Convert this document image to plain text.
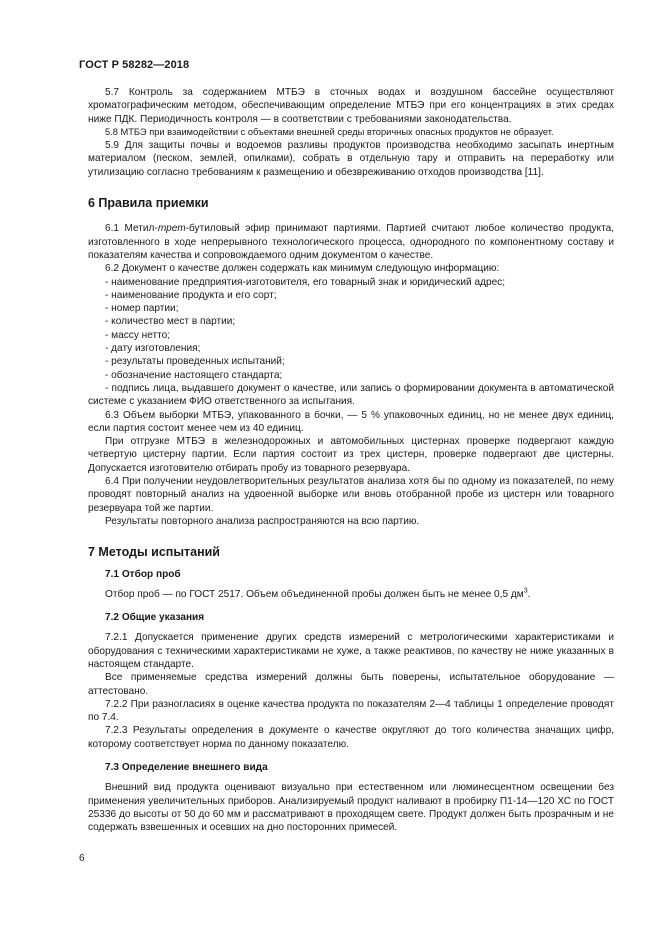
ГОСТ Р 58282—2018

5.7 Контроль за содержанием МТБЭ в сточных водах и воздушном бассейне осуществляют хроматографическим методом, обеспечивающим определение МТБЭ при его концентрациях в этих средах ниже ПДК. Периодичность контроля — в соответствии с требованиями законодательства.

5.8 МТБЭ при взаимодействии с объектами внешней среды вторичных опасных продуктов не образует.

5.9 Для защиты почвы и водоемов разливы продуктов производства необходимо засыпать инертным материалом (песком, землей, опилками), собрать в отдельную тару и отправить на переработку или утилизацию согласно требованиям к размещению и обезвреживанию отходов производства [11].

6 Правила приемки

6.1 Метил-трет-бутиловый эфир принимают партиями. Партией считают любое количество продукта, изготовленного в ходе непрерывного технологического процесса, однородного по компонентному составу и показателям качества и сопровождаемого одним документом о качестве.

6.2 Документ о качестве должен содержать как минимум следующую информацию:

- наименование предприятия-изготовителя, его товарный знак и юридический адрес;

- наименование продукта и его сорт;

- номер партии;

- количество мест в партии;

- массу нетто;

- дату изготовления;

- результаты проведенных испытаний;

- обозначение настоящего стандарта;

- подпись лица, выдавшего документ о качестве, или запись о формировании документа в автоматической системе с указанием ФИО ответственного за испытания.

6.3 Объем выборки МТБЭ, упакованного в бочки, — 5 % упаковочных единиц, но не менее двух единиц, если партия состоит менее чем из 40 единиц.

При отгрузке МТБЭ в железнодорожных и автомобильных цистернах проверке подвергают каждую четвертую цистерну партии. Если партия состоит из трех цистерн, проверке подвергают две цистерны. Допускается изготовителю отбирать пробу из товарного резервуара.

6.4 При получении неудовлетворительных результатов анализа хотя бы по одному из показателей, по нему проводят повторный анализ на удвоенной выборке или вновь отобранной пробе из цистерн или товарного резервуара той же партии.

Результаты повторного анализа распространяются на всю партию.

7 Методы испытаний
7.1 Отбор проб

Отбор проб — по ГОСТ 2517. Объем объединенной пробы должен быть не менее 0,5 $дм^3$.

7.2 Общие указания

7.2.1 Допускается применение других средств измерений с метрологическими характеристиками и оборудования с техническими характеристиками не хуже, а также реактивов, по качеству не ниже указанных в настоящем стандарте.

Все применяемые средства измерений должны быть поверены, испытательное оборудование — аттестовано.

7.2.2 При разногласиях в оценке качества продукта по показателям 2—4 таблицы 1 определение проводят по 7.4.

7.2.3 Результаты определения в документе о качестве округляют до того количества значащих цифр, которому соответствует норма по данному показателю.

7.3 Определение внешнего вида

Внешний вид продукта оценивают визуально при естественном или люминесцентном освещении без применения увеличительных приборов. Анализируемый продукт наливают в пробирку П1-14—120 ХС по ГОСТ 25336 до высоты от 50 до 60 мм и рассматривают в проходящем свете. Продукт должен быть прозрачным и не содержать взвешенных и осевших на дно посторонних примесей.

6
